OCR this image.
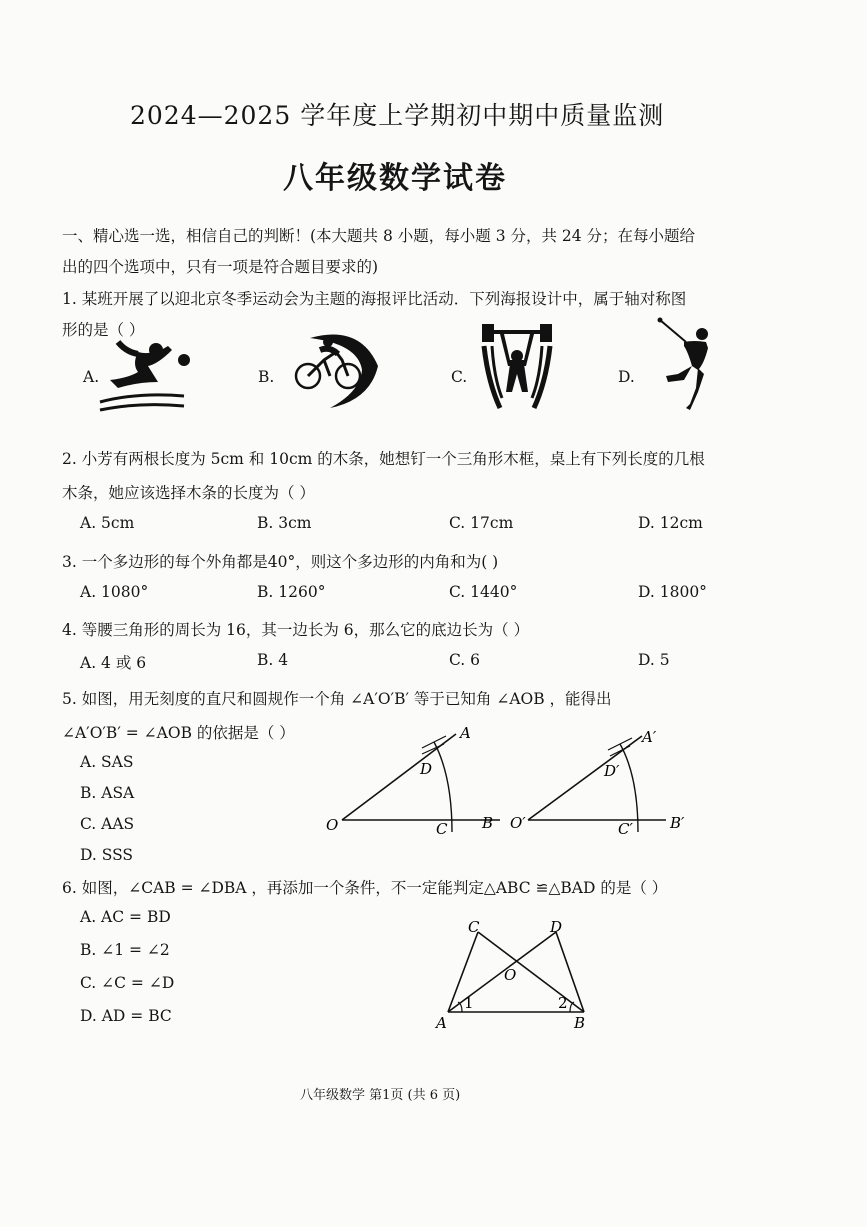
2024—2025 学年度上学期初中期中质量监测
八年级数学试卷
一、精心选一选，相信自己的判断！(本大题共 8 小题，每小题 3 分，共 24 分；在每小题给
出的四个选项中，只有一项是符合题目要求的)
1. 某班开展了以迎北京冬季运动会为主题的海报评比活动．下列海报设计中，属于轴对称图
形的是（ ）
A.	B.	C.	D.
2. 小芳有两根长度为 5cm 和 10cm 的木条，她想钉一个三角形木框，桌上有下列长度的几根
木条，她应该选择木条的长度为（ ）
A. 5cm	B. 3cm	C. 17cm	D. 12cm
3. 一个多边形的每个外角都是40°，则这个多边形的内角和为( )
A. 1080°	B. 1260°	C. 1440°	D. 1800°
4. 等腰三角形的周长为 16，其一边长为 6，那么它的底边长为（ ）
A. 4 或 6	B. 4	C. 6	D. 5
5. 如图，用无刻度的直尺和圆规作一个角 ∠A′O′B′ 等于已知角 ∠AOB ，能得出
∠A′O′B′ = ∠AOB 的依据是（ ）
A. SAS
B. ASA
C. AAS
D. SSS
A
D
O	C B
A′
D′
O′	C′ B′
6. 如图，∠CAB = ∠DBA ，再添加一个条件，不一定能判定△ABC ≌△BAD 的是（ ）
A. AC = BD
B. ∠1 = ∠2
C. ∠C = ∠D
D. AD = BC
C	D
O
1	2
A	B
八年级数学 第1页 (共 6 页)
